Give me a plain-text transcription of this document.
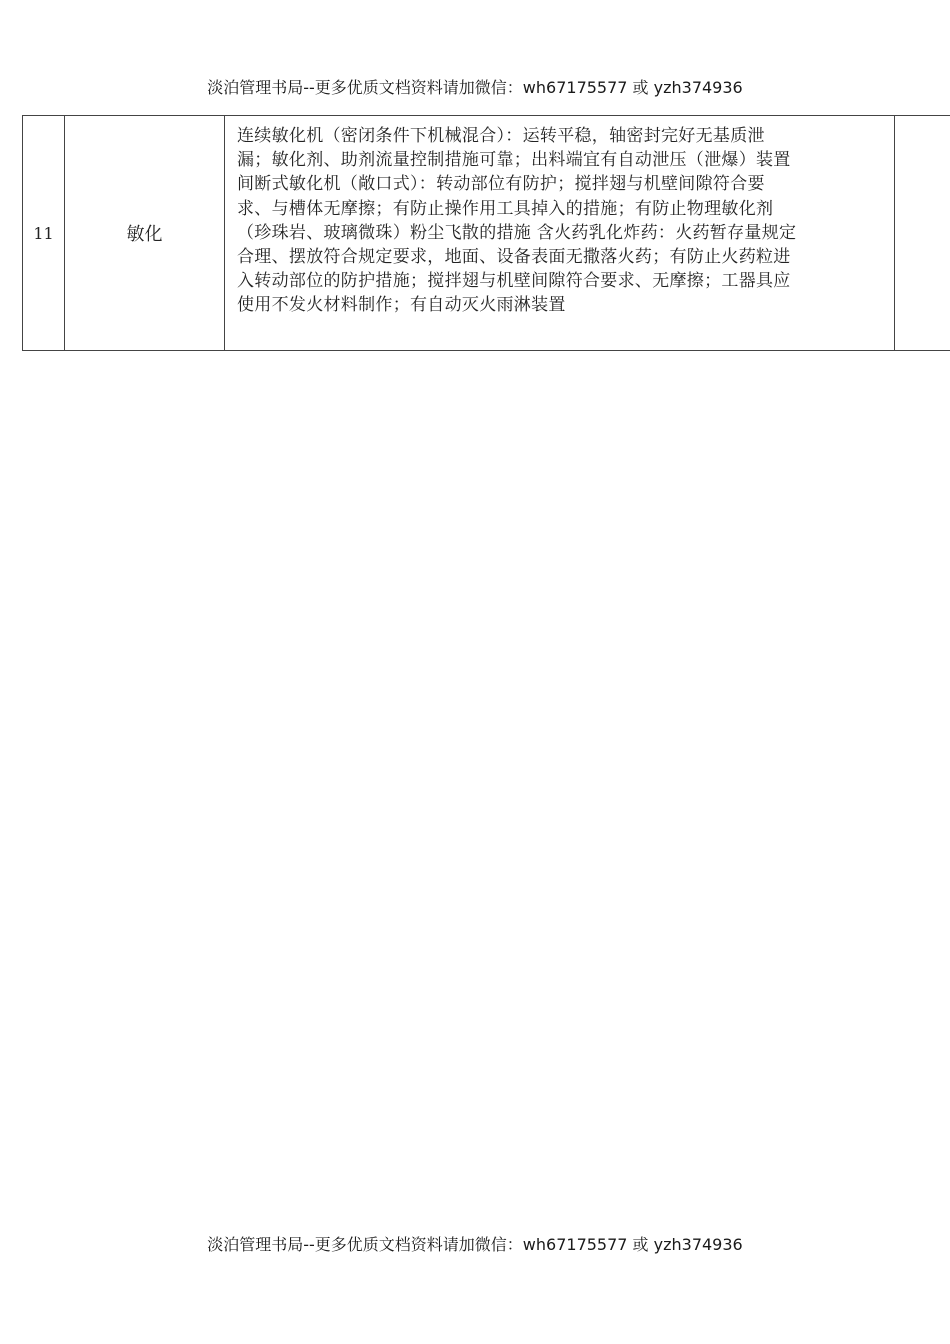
淡泊管理书局--更多优质文档资料请加微信：wh67175577 或 yzh374936
11	敏化	
连续敏化机（密闭条件下机械混合）：运转平稳，轴密封完好无基质泄
漏；敏化剂、助剂流量控制措施可靠；出料端宜有自动泄压（泄爆）装置
间断式敏化机（敞口式）：转动部位有防护；搅拌翅与机壁间隙符合要
求、与槽体无摩擦；有防止操作用工具掉入的措施；有防止物理敏化剂
（珍珠岩、玻璃微珠）粉尘飞散的措施 含火药乳化炸药：火药暂存量规定
合理、摆放符合规定要求，地面、设备表面无撒落火药；有防止火药粒进
入转动部位的防护措施；搅拌翅与机壁间隙符合要求、无摩擦；工器具应
使用不发火材料制作；有自动灭火雨淋装置

淡泊管理书局--更多优质文档资料请加微信：wh67175577 或 yzh374936
